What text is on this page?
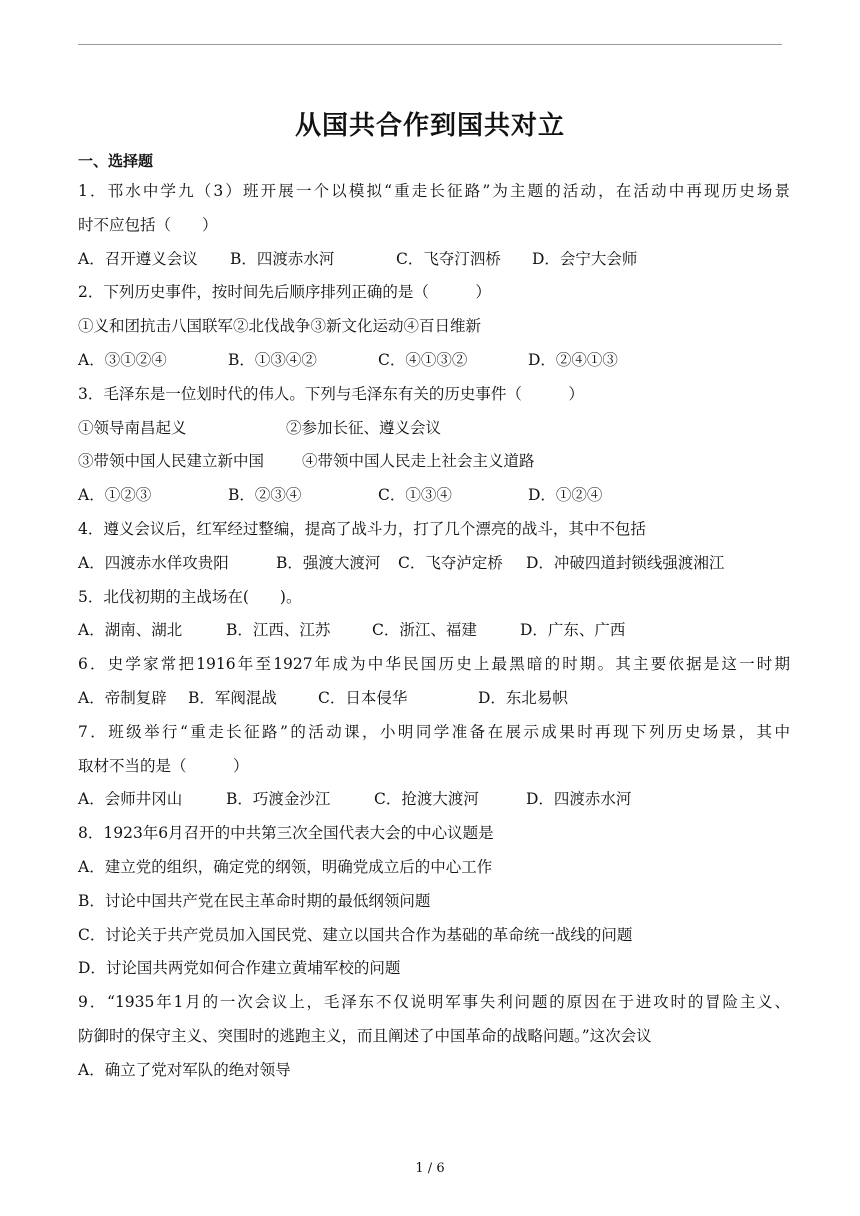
从国共合作到国共对立
一、选择题
1．邗水中学九（3）班开展一个以模拟“重走长征路”为主题的活动，在活动中再现历史场景
时不应包括（　　）
A．召开遵义会议 B．四渡赤水河	C．飞夺汀泗桥 D．会宁大会师
2．下列历史事件，按时间先后顺序排列正确的是（　　　）
①义和团抗击八国联军②北伐战争③新文化运动④百日维新
A．③①②④	B．①③④②	C．④①③②	D．②④①③
3．毛泽东是一位划时代的伟人。下列与毛泽东有关的历史事件（　　　）
①领导南昌起义	②参加长征、遵义会议
③带领中国人民建立新中国 ④带领中国人民走上社会主义道路
A．①②③	B．②③④	C．①③④	D．①②④
4．遵义会议后，红军经过整编，提高了战斗力，打了几个漂亮的战斗，其中不包括
A．四渡赤水佯攻贵阳	B．强渡大渡河 C．飞夺泸定桥 D．冲破四道封锁线强渡湘江
5．北伐初期的主战场在(　　)。
A．湖南、湖北	B．江西、江苏	C．浙江、福建	D．广东、广西
6．史学家常把1916年至1927年成为中华民国历史上最黑暗的时期。其主要依据是这一时期
A．帝制复辟 B．军阀混战	C．日本侵华	D．东北易帜
7．班级举行“重走长征路”的活动课，小明同学准备在展示成果时再现下列历史场景，其中
取材不当的是（　　　）
A．会师井冈山	B．巧渡金沙江	C．抢渡大渡河	D．四渡赤水河
8．1923年6月召开的中共第三次全国代表大会的中心议题是
A．建立党的组织，确定党的纲领，明确党成立后的中心工作
B．讨论中国共产党在民主革命时期的最低纲领问题
C．讨论关于共产党员加入国民党、建立以国共合作为基础的革命统一战线的问题
D．讨论国共两党如何合作建立黄埔军校的问题
9．“1935年1月的一次会议上，毛泽东不仅说明军事失利问题的原因在于进攻时的冒险主义、
防御时的保守主义、突围时的逃跑主义，而且阐述了中国革命的战略问题。”这次会议
A．确立了党对军队的绝对领导
1 / 6
